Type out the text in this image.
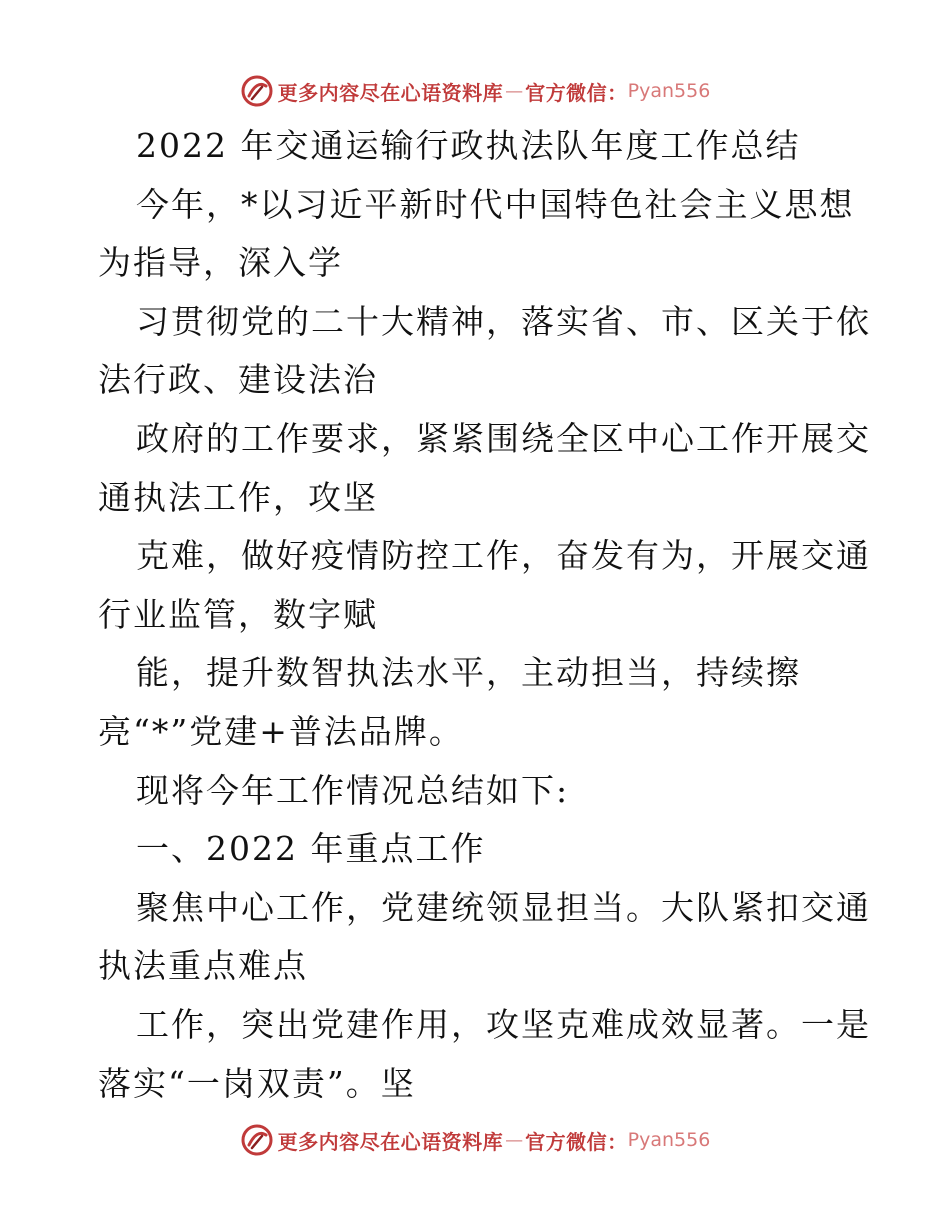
更多内容尽在心语资料库 — 官方微信： Pyan556
2022 年交通运输行政执法队年度工作总结
今年，*以习近平新时代中国特色社会主义思想
为指导，深入学
习贯彻党的二十大精神，落实省、市、区关于依
法行政、建设法治
政府的工作要求，紧紧围绕全区中心工作开展交
通执法工作，攻坚
克难，做好疫情防控工作，奋发有为，开展交通
行业监管，数字赋
能，提升数智执法水平，主动担当，持续擦
亮“*”党建+普法品牌。
现将今年工作情况总结如下:
一、2022 年重点工作
聚焦中心工作，党建统领显担当。大队紧扣交通
执法重点难点
工作，突出党建作用，攻坚克难成效显著。一是
落实“一岗双责”。坚
更多内容尽在心语资料库 — 官方微信： Pyan556
